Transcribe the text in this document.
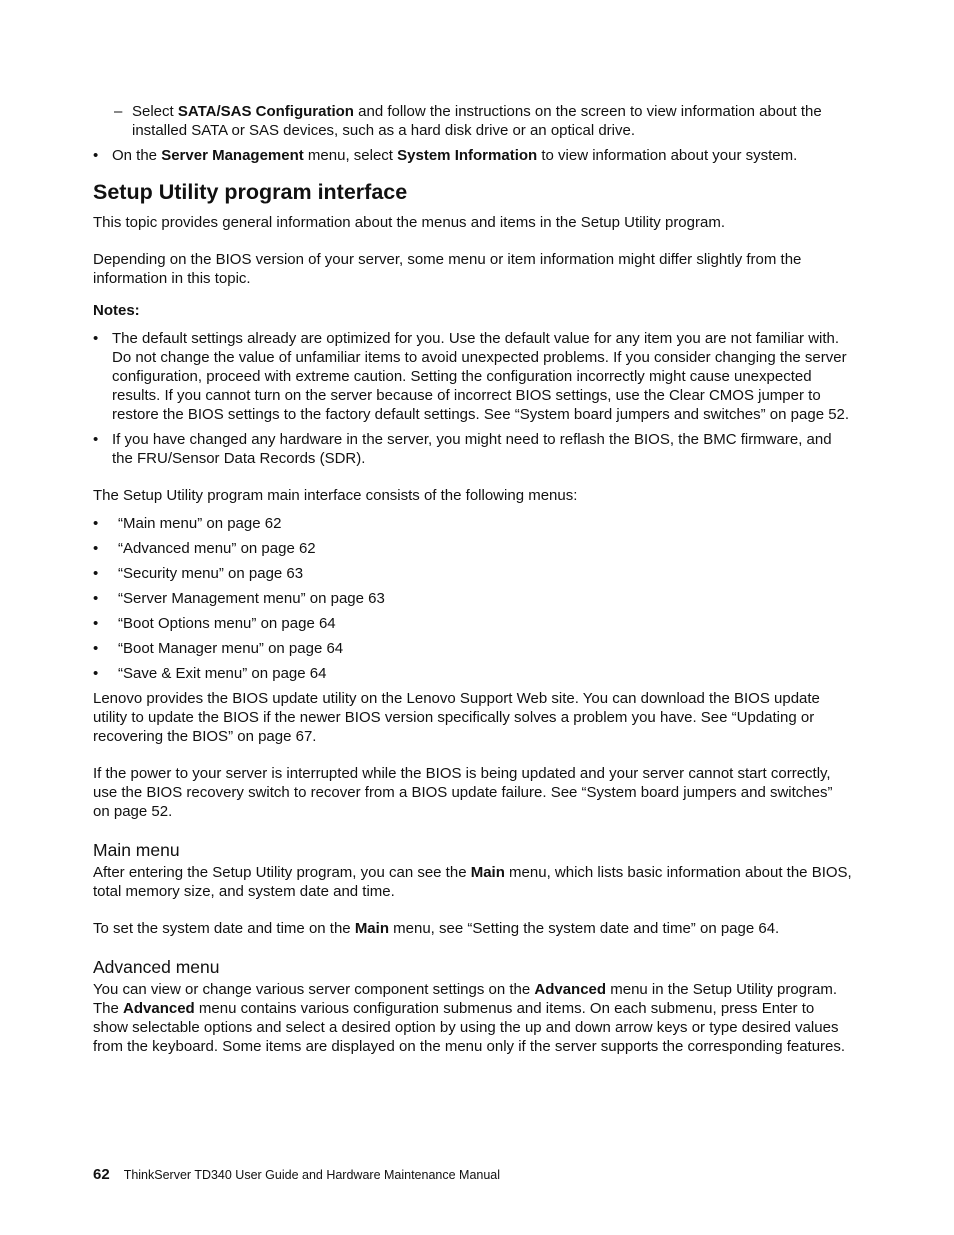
– Select SATA/SAS Configuration and follow the instructions on the screen to view information about the installed SATA or SAS devices, such as a hard disk drive or an optical drive.
• On the Server Management menu, select System Information to view information about your system.
Setup Utility program interface

This topic provides general information about the menus and items in the Setup Utility program.

Depending on the BIOS version of your server, some menu or item information might differ slightly from the information in this topic.

Notes:

• The default settings already are optimized for you. Use the default value for any item you are not familiar with. Do not change the value of unfamiliar items to avoid unexpected problems. If you consider changing the server configuration, proceed with extreme caution. Setting the configuration incorrectly might cause unexpected results. If you cannot turn on the server because of incorrect BIOS settings, use the Clear CMOS jumper to restore the BIOS settings to the factory default settings. See “System board jumpers and switches” on page 52.
• If you have changed any hardware in the server, you might need to reflash the BIOS, the BMC firmware, and the FRU/Sensor Data Records (SDR).

The Setup Utility program main interface consists of the following menus:

• “Main menu” on page 62
• “Advanced menu” on page 62
• “Security menu” on page 63
• “Server Management menu” on page 63
• “Boot Options menu” on page 64
• “Boot Manager menu” on page 64
• “Save & Exit menu” on page 64

Lenovo provides the BIOS update utility on the Lenovo Support Web site. You can download the BIOS update utility to update the BIOS if the newer BIOS version specifically solves a problem you have. See “Updating or recovering the BIOS” on page 67.

If the power to your server is interrupted while the BIOS is being updated and your server cannot start correctly, use the BIOS recovery switch to recover from a BIOS update failure. See “System board jumpers and switches” on page 52.

Main menu

After entering the Setup Utility program, you can see the Main menu, which lists basic information about the BIOS, total memory size, and system date and time.

To set the system date and time on the Main menu, see “Setting the system date and time” on page 64.

Advanced menu

You can view or change various server component settings on the Advanced menu in the Setup Utility program. The Advanced menu contains various configuration submenus and items. On each submenu, press Enter to show selectable options and select a desired option by using the up and down arrow keys or type desired values from the keyboard. Some items are displayed on the menu only if the server supports the corresponding features.

62 ThinkServer TD340 User Guide and Hardware Maintenance Manual
